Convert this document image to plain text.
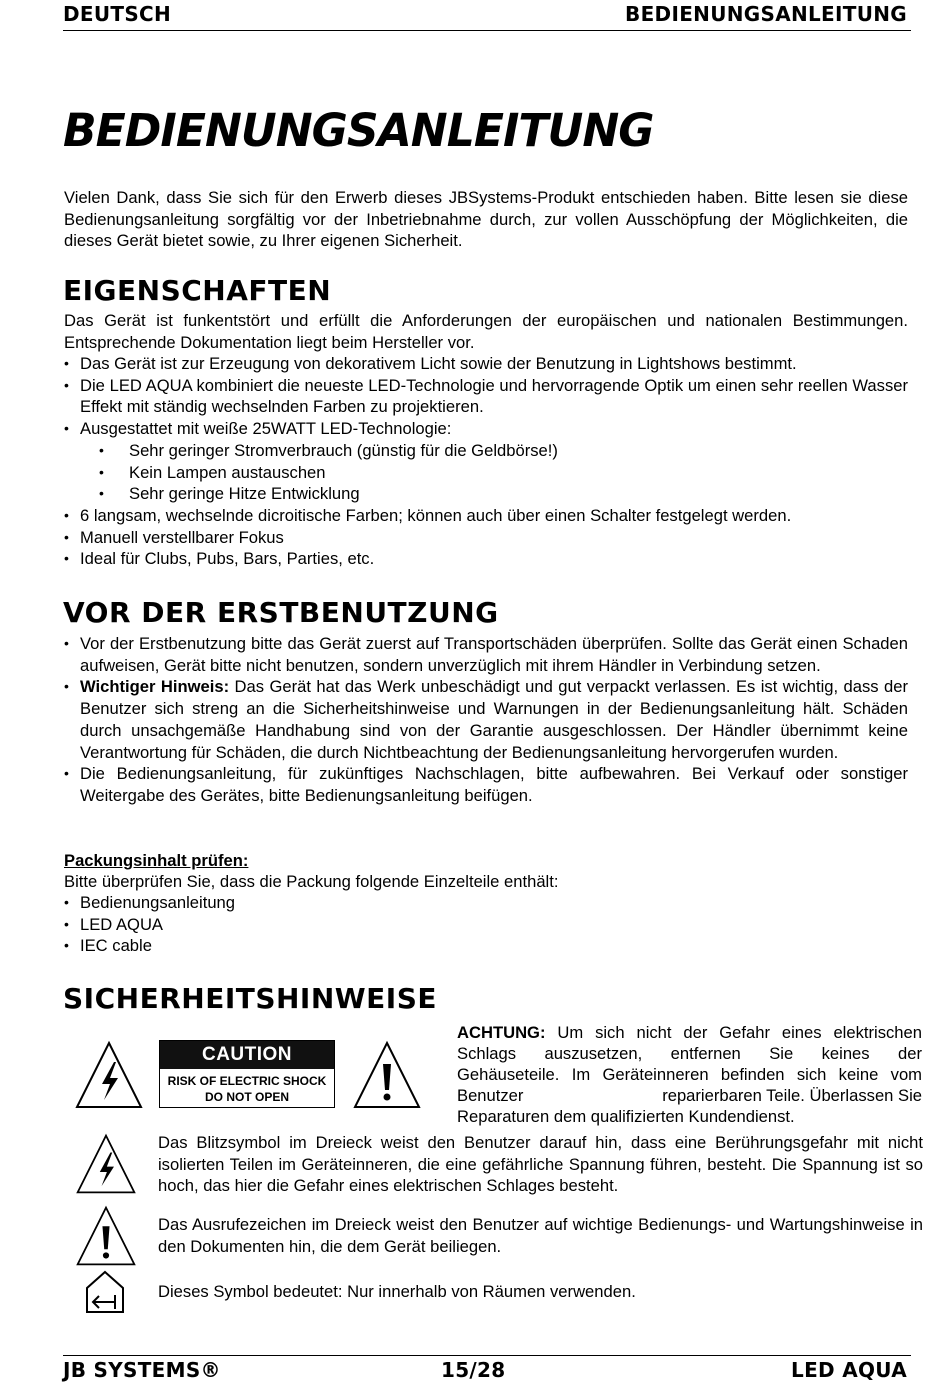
DEUTSCH	BEDIENUNGSANLEITUNG
BEDIENUNGSANLEITUNG
Vielen Dank, dass Sie sich für den Erwerb dieses JBSystems-Produkt entschieden haben. Bitte lesen sie diese Bedienungsanleitung sorgfältig vor der Inbetriebnahme durch, zur vollen Ausschöpfung der Möglichkeiten, die dieses Gerät bietet sowie, zu Ihrer eigenen Sicherheit.
EIGENSCHAFTEN
Das Gerät ist funkentstört und erfüllt die Anforderungen der europäischen und nationalen Bestimmungen. Entsprechende Dokumentation liegt beim Hersteller vor.
• Das Gerät ist zur Erzeugung von dekorativem Licht sowie der Benutzung in Lightshows bestimmt.
• Die LED AQUA kombiniert die neueste LED-Technologie und hervorragende Optik um einen sehr reellen Wasser Effekt mit ständig wechselnden Farben zu projektieren.
• Ausgestattet mit weiße 25WATT LED-Technologie:
• Sehr geringer Stromverbrauch (günstig für die Geldbörse!)
• Kein Lampen austauschen
• Sehr geringe Hitze Entwicklung
• 6 langsam, wechselnde dicroitische Farben; können auch über einen Schalter festgelegt werden.
• Manuell verstellbarer Fokus
• Ideal für Clubs, Pubs, Bars, Parties, etc.
VOR DER ERSTBENUTZUNG
• Vor der Erstbenutzung bitte das Gerät zuerst auf Transportschäden überprüfen. Sollte das Gerät einen Schaden aufweisen, Gerät bitte nicht benutzen, sondern unverzüglich mit ihrem Händler in Verbindung setzen.
• Wichtiger Hinweis: Das Gerät hat das Werk unbeschädigt und gut verpackt verlassen. Es ist wichtig, dass der Benutzer sich streng an die Sicherheitshinweise und Warnungen in der Bedienungsanleitung hält. Schäden durch unsachgemäße Handhabung sind von der Garantie ausgeschlossen. Der Händler übernimmt keine Verantwortung für Schäden, die durch Nichtbeachtung der Bedienungsanleitung hervorgerufen wurden.
• Die Bedienungsanleitung, für zukünftiges Nachschlagen, bitte aufbewahren. Bei Verkauf oder sonstiger Weitergabe des Gerätes, bitte Bedienungsanleitung beifügen.
Packungsinhalt prüfen:
Bitte überprüfen Sie, dass die Packung folgende Einzelteile enthält:
• Bedienungsanleitung
• LED AQUA
• IEC cable
SICHERHEITSHINWEISE
CAUTION
RISK OF ELECTRIC SHOCK
DO NOT OPEN
ACHTUNG: Um sich nicht der Gefahr eines elektrischen
Schlags auszusetzen, entfernen Sie keines der
Gehäuseteile. Im Geräteinneren befinden sich keine vom
Benutzer	reparierbaren Teile. Überlassen Sie
Reparaturen dem qualifizierten Kundendienst.
Das Blitzsymbol im Dreieck weist den Benutzer darauf hin, dass eine Berührungsgefahr mit nicht isolierten Teilen im Geräteinneren, die eine gefährliche Spannung führen, besteht. Die Spannung ist so hoch, das hier die Gefahr eines elektrischen Schlages besteht.
Das Ausrufezeichen im Dreieck weist den Benutzer auf wichtige Bedienungs- und Wartungshinweise in den Dokumenten hin, die dem Gerät beiliegen.
Dieses Symbol bedeutet: Nur innerhalb von Räumen verwenden.
JB SYSTEMS®	15/28	LED AQUA
